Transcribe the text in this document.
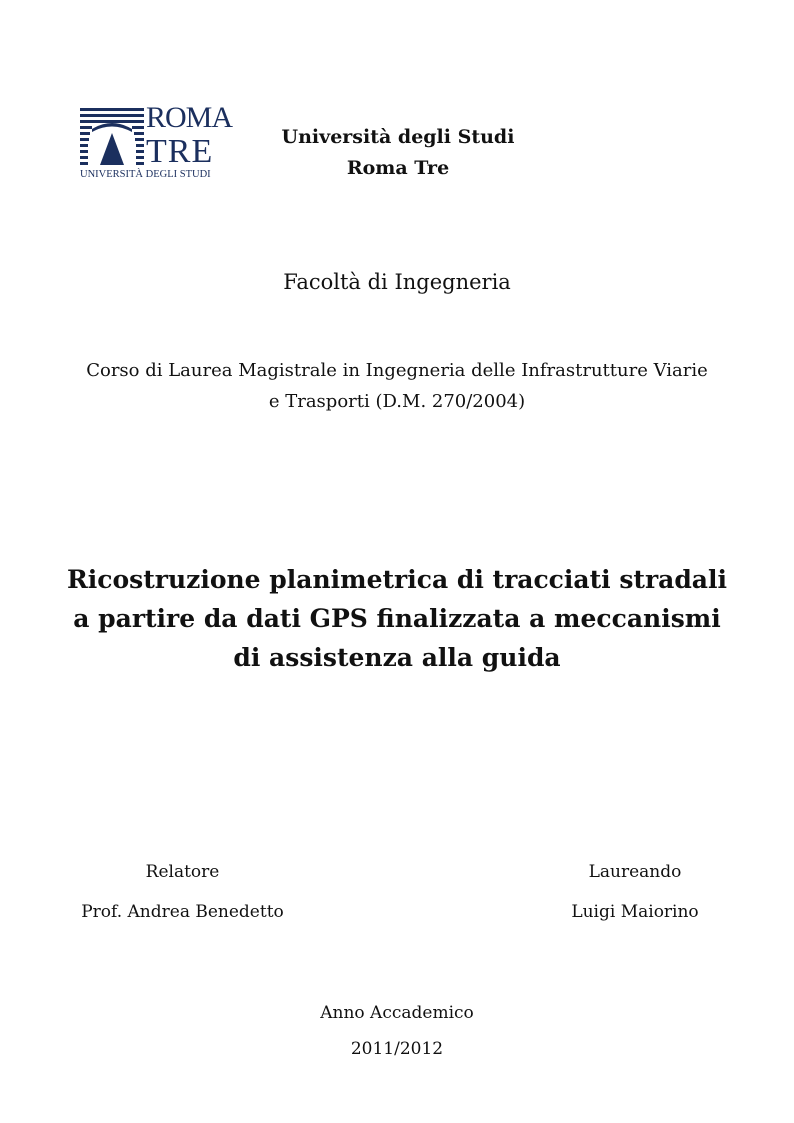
ROMA
TRE
UNIVERSITÀ DEGLI STUDI
Università degli Studi
Roma Tre
Facoltà di Ingegneria
Corso di Laurea Magistrale in Ingegneria delle Infrastrutture Viarie
e Trasporti (D.M. 270/2004)
Ricostruzione planimetrica di tracciati stradali
a partire da dati GPS finalizzata a meccanismi
di assistenza alla guida
Relatore
Prof. Andrea Benedetto
Laureando
Luigi Maiorino
Anno Accademico
2011/2012
